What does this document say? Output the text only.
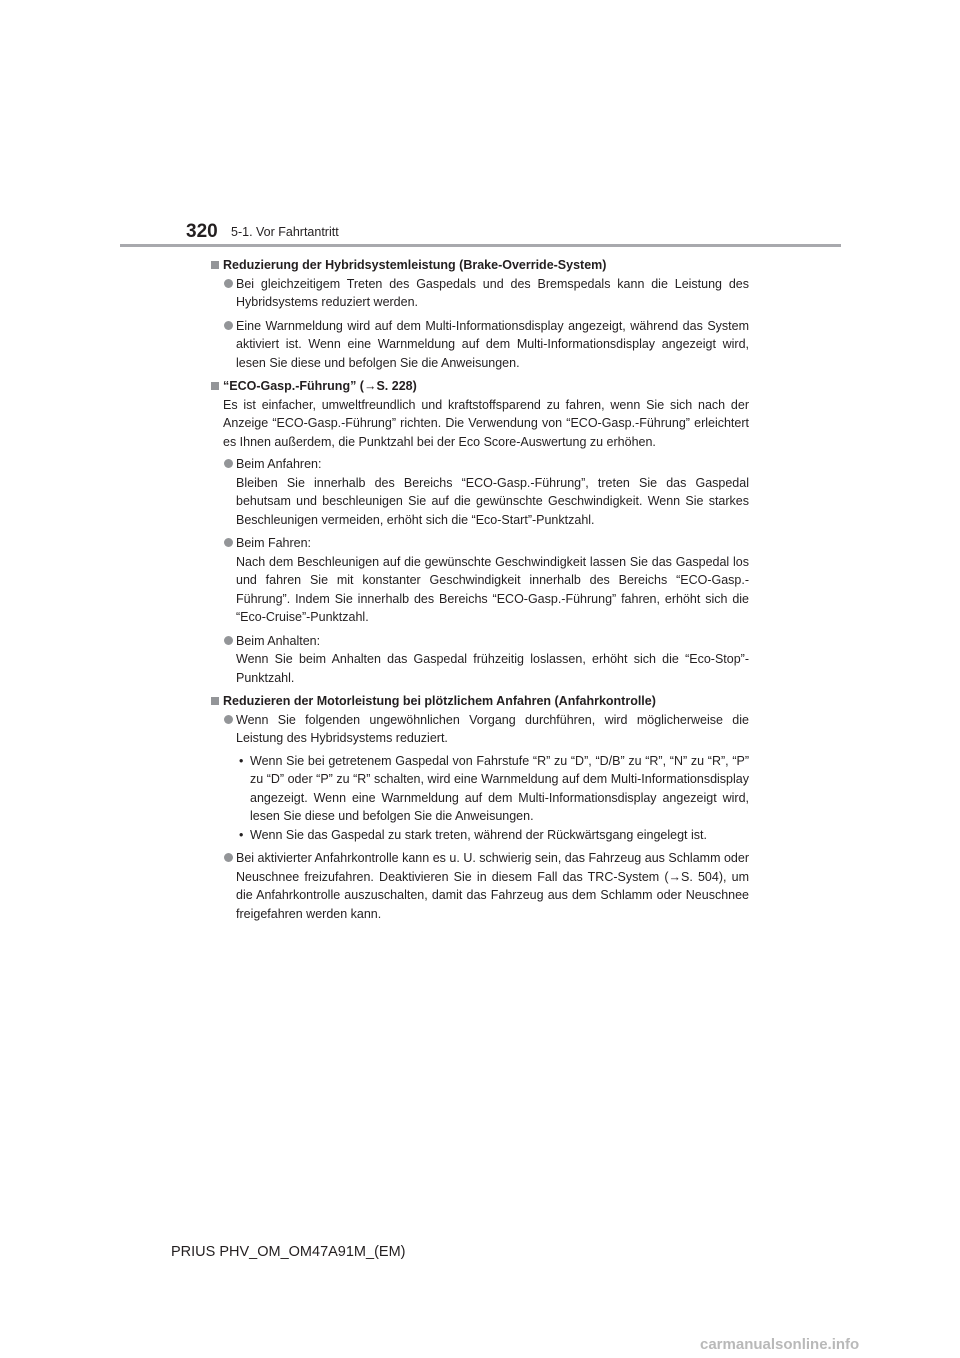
320 5-1. Vor Fahrtantritt
Reduzierung der Hybridsystemleistung (Brake-Override-System)
Bei gleichzeitigem Treten des Gaspedals und des Bremspedals kann die Leistung des Hybridsystems reduziert werden.
Eine Warnmeldung wird auf dem Multi-Informationsdisplay angezeigt, während das System aktiviert ist. Wenn eine Warnmeldung auf dem Multi-Informationsdisplay angezeigt wird, lesen Sie diese und befolgen Sie die Anweisungen.
“ECO-Gasp.-Führung” (→S. 228)
Es ist einfacher, umweltfreundlich und kraftstoffsparend zu fahren, wenn Sie sich nach der Anzeige “ECO-Gasp.-Führung” richten. Die Verwendung von “ECO-Gasp.-Führung” erleichtert es Ihnen außerdem, die Punktzahl bei der Eco Score-Auswertung zu erhöhen.
Beim Anfahren:
Bleiben Sie innerhalb des Bereichs “ECO-Gasp.-Führung”, treten Sie das Gaspedal behutsam und beschleunigen Sie auf die gewünschte Geschwindigkeit. Wenn Sie starkes Beschleunigen vermeiden, erhöht sich die “Eco-Start”-Punktzahl.
Beim Fahren:
Nach dem Beschleunigen auf die gewünschte Geschwindigkeit lassen Sie das Gaspedal los und fahren Sie mit konstanter Geschwindigkeit innerhalb des Bereichs “ECO-Gasp.-Führung”. Indem Sie innerhalb des Bereichs “ECO-Gasp.-Führung” fahren, erhöht sich die “Eco-Cruise”-Punktzahl.
Beim Anhalten:
Wenn Sie beim Anhalten das Gaspedal frühzeitig loslassen, erhöht sich die “Eco-Stop”-Punktzahl.
Reduzieren der Motorleistung bei plötzlichem Anfahren (Anfahrkontrolle)
Wenn Sie folgenden ungewöhnlichen Vorgang durchführen, wird möglicherweise die Leistung des Hybridsystems reduziert.
• Wenn Sie bei getretenem Gaspedal von Fahrstufe “R” zu “D”, “D/B” zu “R”, “N” zu “R”, “P” zu “D” oder “P” zu “R” schalten, wird eine Warnmeldung auf dem Multi-Informationsdisplay angezeigt. Wenn eine Warnmeldung auf dem Multi-Informationsdisplay angezeigt wird, lesen Sie diese und befolgen Sie die Anweisungen.
• Wenn Sie das Gaspedal zu stark treten, während der Rückwärtsgang eingelegt ist.
Bei aktivierter Anfahrkontrolle kann es u. U. schwierig sein, das Fahrzeug aus Schlamm oder Neuschnee freizufahren. Deaktivieren Sie in diesem Fall das TRC-System (→S. 504), um die Anfahrkontrolle auszuschalten, damit das Fahrzeug aus dem Schlamm oder Neuschnee freigefahren werden kann.
PRIUS PHV_OM_OM47A91M_(EM)
carmanualsonline.info
